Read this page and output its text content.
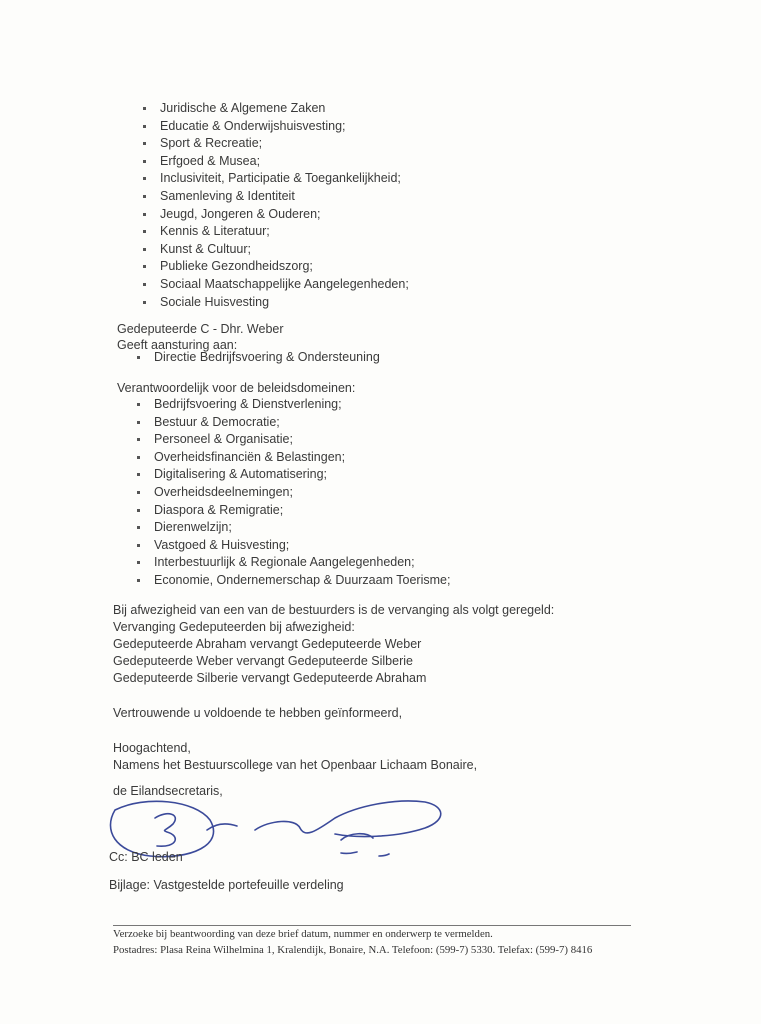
Juridische & Algemene Zaken
Educatie & Onderwijshuisvesting;
Sport & Recreatie;
Erfgoed & Musea;
Inclusiviteit, Participatie & Toegankelijkheid;
Samenleving & Identiteit
Jeugd, Jongeren & Ouderen;
Kennis & Literatuur;
Kunst & Cultuur;
Publieke Gezondheidszorg;
Sociaal Maatschappelijke Aangelegenheden;
Sociale Huisvesting
Gedeputeerde C - Dhr. Weber
Geeft aansturing aan:
Directie Bedrijfsvoering & Ondersteuning
Verantwoordelijk voor de beleidsdomeinen:
Bedrijfsvoering & Dienstverlening;
Bestuur & Democratie;
Personeel & Organisatie;
Overheidsfinanciën & Belastingen;
Digitalisering & Automatisering;
Overheidsdeelnemingen;
Diaspora & Remigratie;
Dierenwelzijn;
Vastgoed & Huisvesting;
Interbestuurlijk & Regionale Aangelegenheden;
Economie, Ondernemerschap & Duurzaam Toerisme;
Bij afwezigheid van een van de bestuurders is de vervanging als volgt geregeld:
Vervanging Gedeputeerden bij afwezigheid:
Gedeputeerde Abraham vervangt Gedeputeerde Weber
Gedeputeerde Weber vervangt Gedeputeerde Silberie
Gedeputeerde Silberie vervangt Gedeputeerde Abraham
Vertrouwende u voldoende te hebben geïnformeerd,
Hoogachtend,
Namens het Bestuurscollege van het Openbaar Lichaam Bonaire,
de Eilandsecretaris,
Cc: BC leden
Bijlage: Vastgestelde portefeuille verdeling
Verzoeke bij beantwoording van deze brief datum, nummer en onderwerp te vermelden.
Postadres: Plasa Reina Wilhelmina 1, Kralendijk, Bonaire, N.A. Telefoon: (599-7) 5330. Telefax: (599-7) 8416
